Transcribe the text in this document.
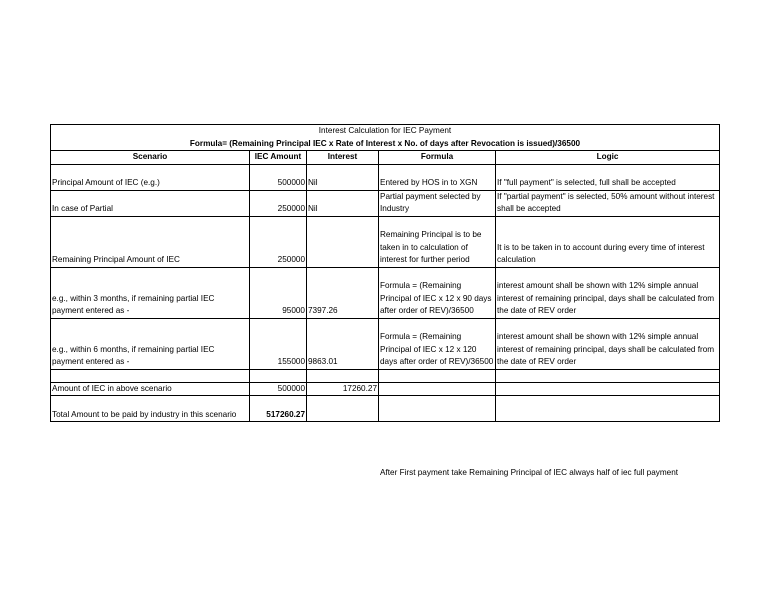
Interest Calculation for IEC Payment				
Formula= (Remaining Principal IEC x Rate of Interest x No. of days after Revocation is issued)/36500				
Scenario	IEC Amount	Interest	Formula	Logic
Principal Amount of IEC (e.g.)	500000	Nil	Entered by HOS in to XGN	If "full payment" is selected, full shall be accepted
In case of Partial	250000	Nil	Partial payment selected by Industry	If "partial payment" is selected, 50% amount without interest shall be accepted
Remaining Principal Amount of IEC	250000		Remaining Principal is to be taken in to calculation of interest for further period	It is to be taken in to account during every time of interest calculation
e.g., within 3 months, if remaining partial IEC payment entered as -	95000	7397.26	Formula = (Remaining Principal of IEC x 12 x 90 days after order of REV)/36500	interest amount shall be shown with 12% simple annual interest of remaining principal, days shall be calculated from the date of REV order
e.g., within 6 months, if remaining partial IEC payment entered as -	155000	9863.01	Formula = (Remaining Principal of IEC x 12 x 120 days after order of REV)/36500	interest amount shall be shown with 12% simple annual interest of remaining principal, days shall be calculated from the date of REV order

Amount of IEC in above scenario	500000	17260.27		
Total Amount to be paid by industry in this scenario	517260.27			
After First payment take Remaining Principal of IEC always half of iec full payment
